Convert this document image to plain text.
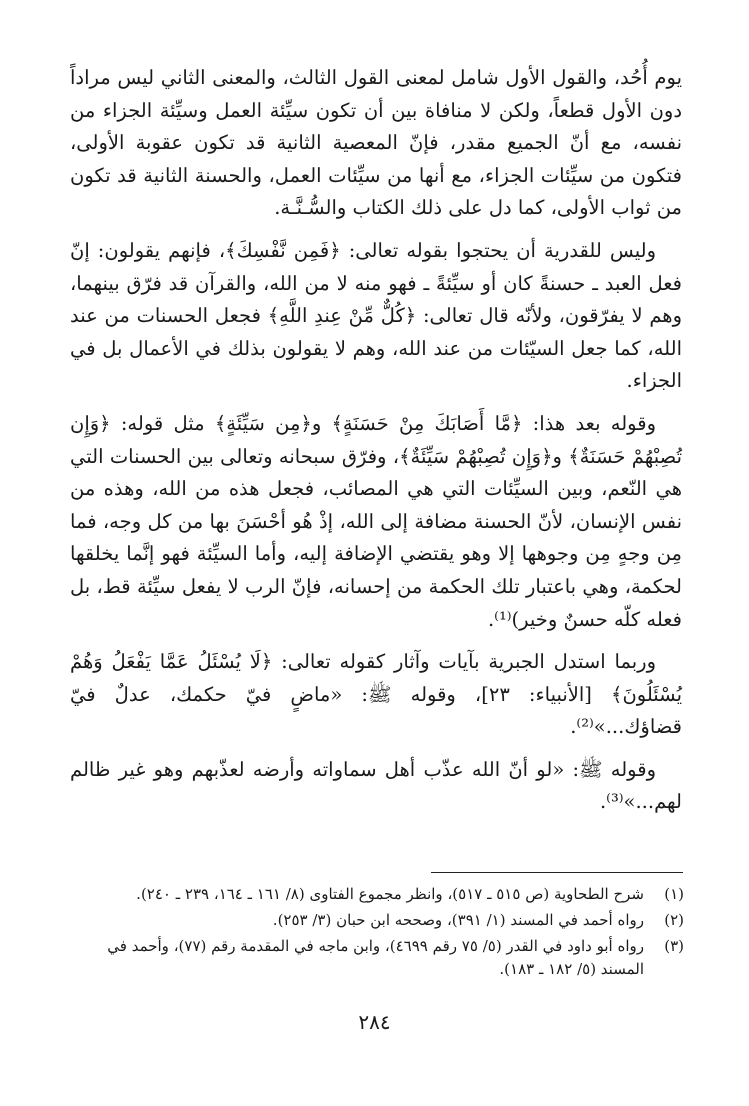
يوم أُحُد، والقول الأول شامل لمعنى القول الثالث، والمعنى الثاني ليس مراداً دون الأول قطعاً، ولكن لا منافاة بين أن تكون سيِّئة العمل وسيِّئة الجزاء من نفسه، مع أنّ الجميع مقدر، فإنّ المعصية الثانية قد تكون عقوبة الأولى، فتكون من سيِّئات الجزاء، مع أنها من سيِّئات العمل، والحسنة الثانية قد تكون من ثواب الأولى، كما دل على ذلك الكتاب والسُّـنَّـة.

وليس للقدرية أن يحتجوا بقوله تعالى: ﴿فَمِن نَّفْسِكَ﴾، فإنهم يقولون: إنّ فعل العبد ـ حسنةً كان أو سيِّئةً ـ فهو منه لا من الله، والقرآن قد فرّق بينهما، وهم لا يفرّقون، ولأنّه قال تعالى: ﴿كُلٌّ مِّنْ عِندِ اللَّهِ﴾ فجعل الحسنات من عند الله، كما جعل السيّئات من عند الله، وهم لا يقولون بذلك في الأعمال بل في الجزاء.

وقوله بعد هذا: ﴿مَّا أَصَابَكَ مِنْ حَسَنَةٍ﴾ و﴿مِن سَيِّئَةٍ﴾ مثل قوله: ﴿وَإِن تُصِبْهُمْ حَسَنَةٌ﴾ و﴿وَإِن تُصِبْهُمْ سَيِّئَةٌ﴾، وفرّق سبحانه وتعالى بين الحسنات التي هي النّعم، وبين السيِّئات التي هي المصائب، فجعل هذه من الله، وهذه من نفس الإنسان، لأنّ الحسنة مضافة إلى الله، إذْ هُو أحْسَنَ بها من كل وجه، فما مِن وجهٍ مِن وجوهها إلا وهو يقتضي الإضافة إليه، وأما السيِّئة فهو إنَّما يخلقها لحكمة، وهي باعتبار تلك الحكمة من إحسانه، فإنّ الرب لا يفعل سيِّئة قط، بل فعله كلّه حسنٌ وخير)⁽¹⁾.

وربما استدل الجبرية بآيات وآثار كقوله تعالى: ﴿لَا يُسْئَلُ عَمَّا يَفْعَلُ وَهُمْ يُسْئَلُونَ﴾ [الأنبياء: ٢٣]، وقوله ﷺ: «ماضٍ فيّ حكمك، عدلٌ فيّ قضاؤك...»⁽²⁾.

وقوله ﷺ: «لو أنّ الله عذّب أهل سماواته وأرضه لعذّبهم وهو غير ظالم لهم...»⁽³⁾.

(١)
شرح الطحاوية (ص ٥١٥ ـ ٥١٧)، وانظر مجموع الفتاوى (٨/ ١٦١ ـ ١٦٤، ٢٣٩ ـ ٢٤٠).
(٢)
رواه أحمد في المسند (١/ ٣٩١)، وصححه ابن حبان (٣/ ٢٥٣).
(٣)
رواه أبو داود في القدر (٥/ ٧٥ رقم ٤٦٩٩)، وابن ماجه في المقدمة رقم (٧٧)، وأحمد في المسند (٥/ ١٨٢ ـ ١٨٣).
٢٨٤
